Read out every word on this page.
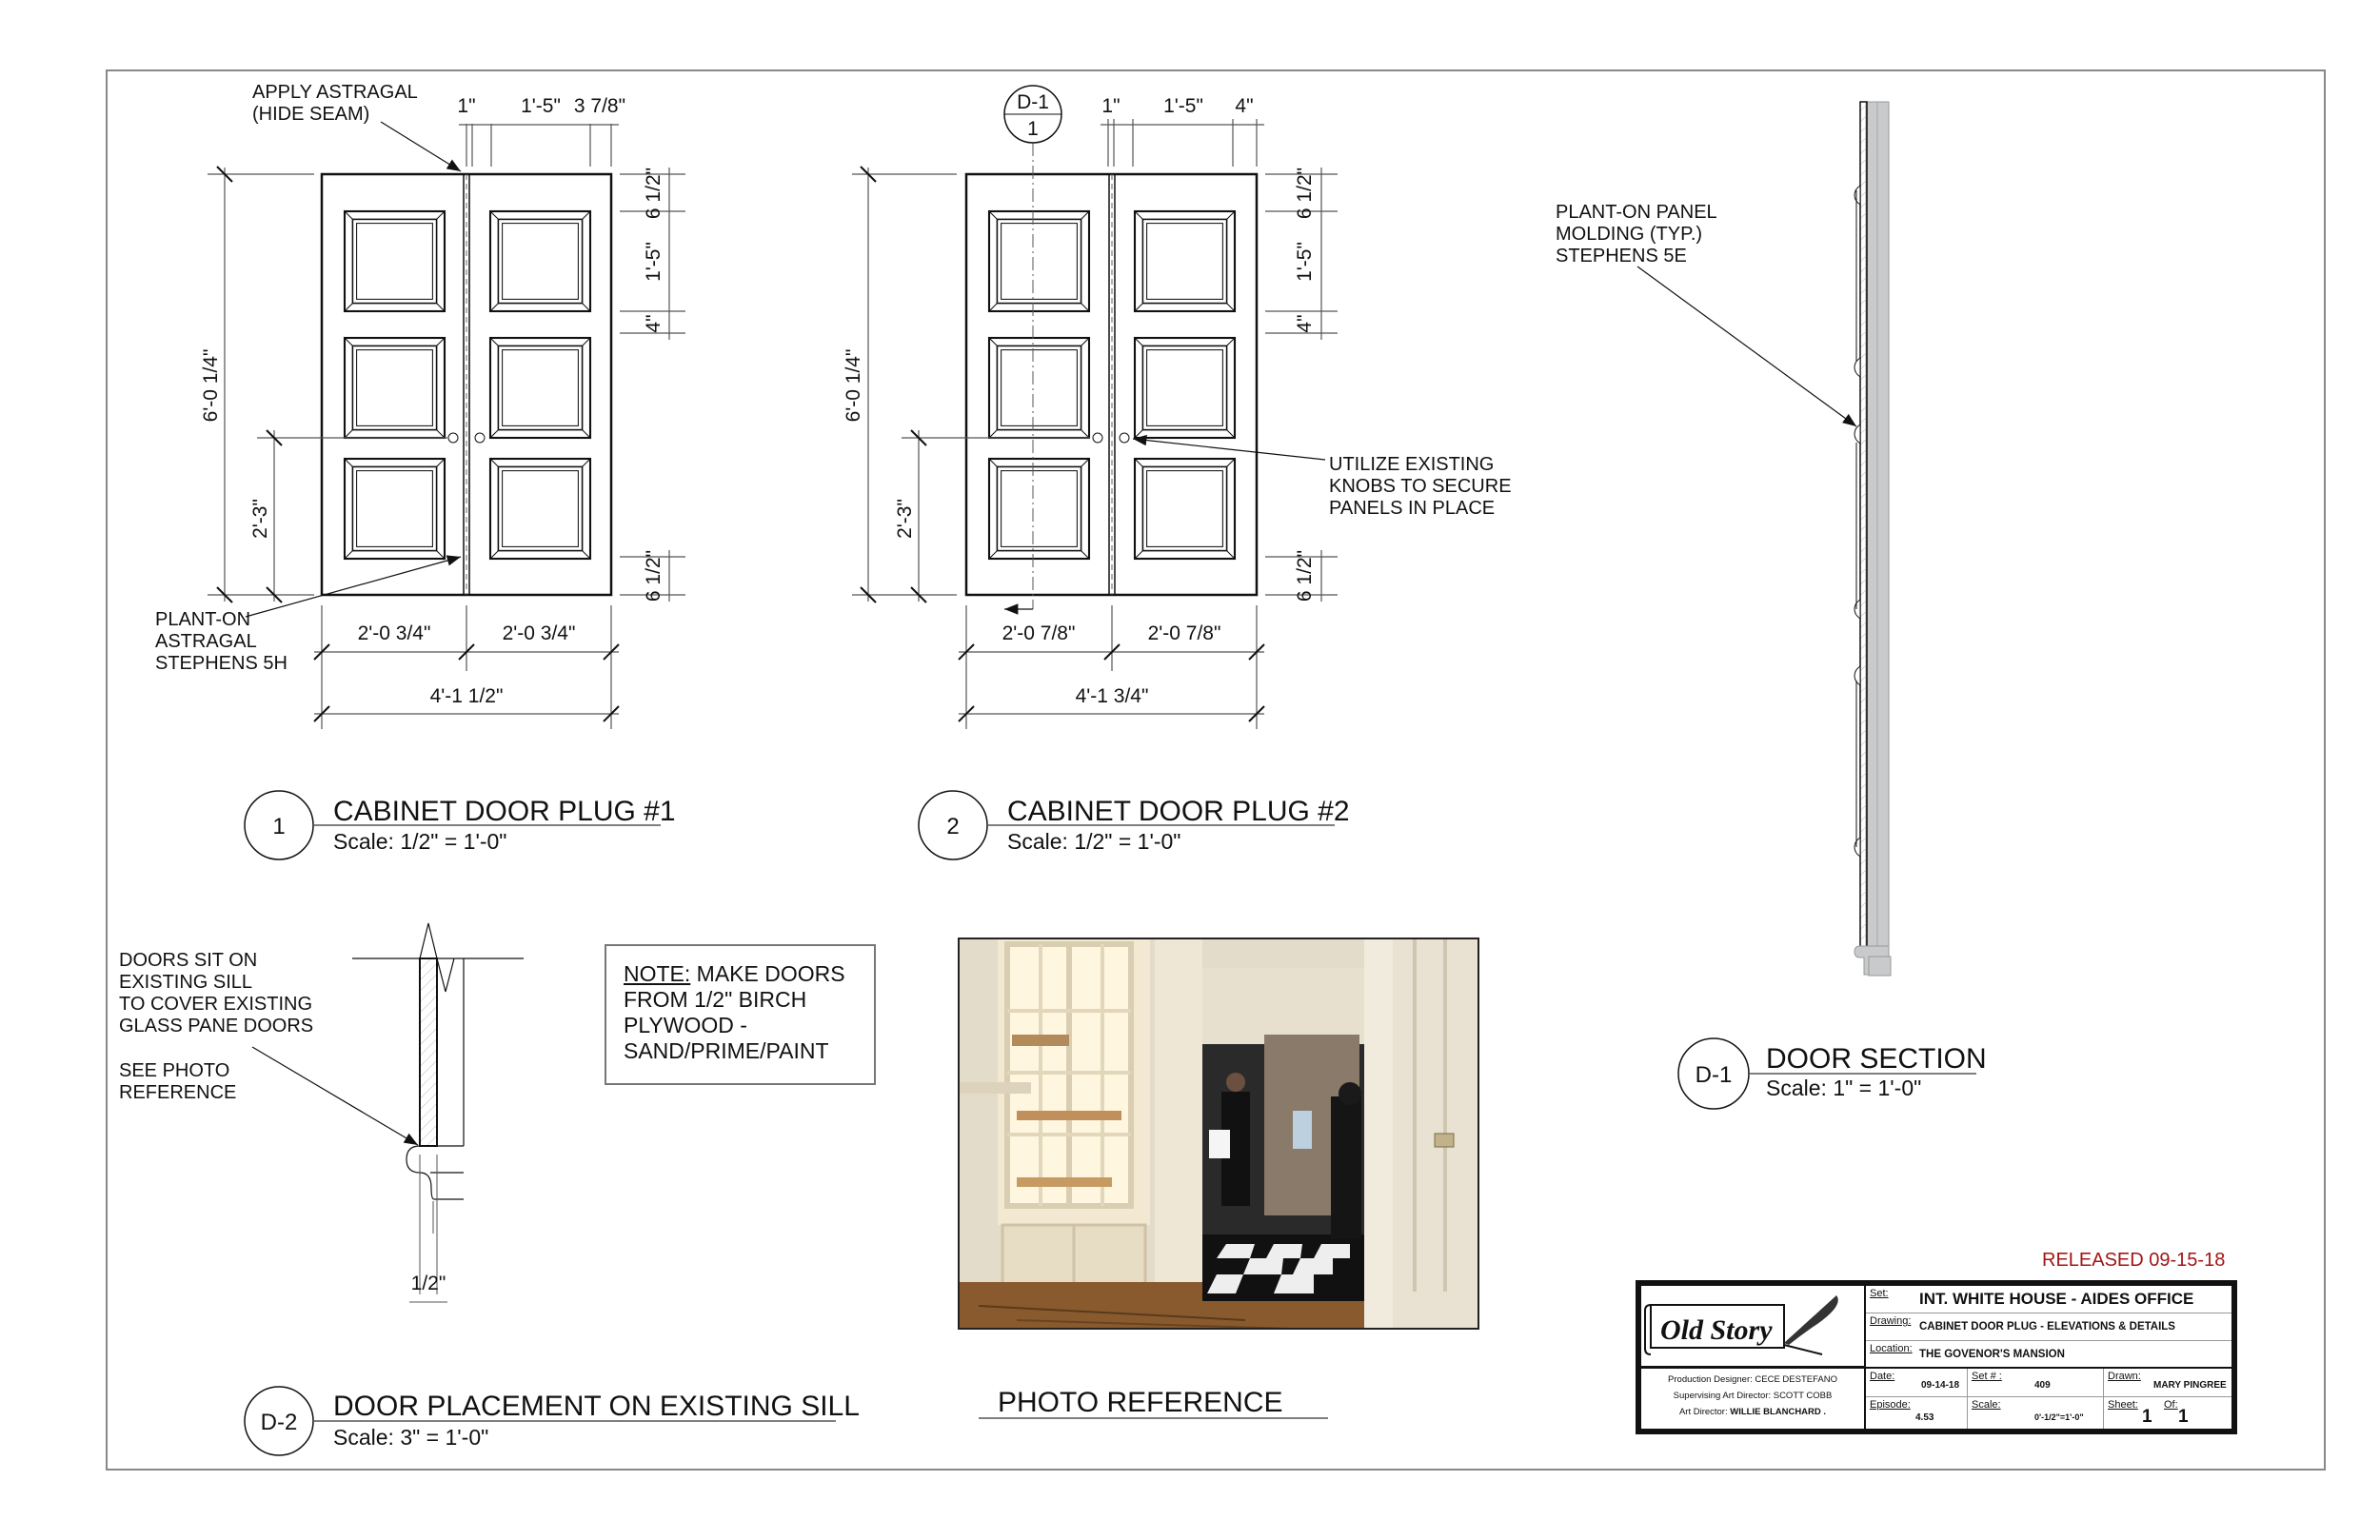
1" 1'-5" 3 7/8"
6'-0 1/4"
2'-3"
6 1/2"
1'-5"
4"
6 1/2"
2'-0 3/4"	2'-0 3/4"
4'-1 1/2"
APPLY ASTRAGAL
(HIDE SEAM)
PLANT-ON
ASTRAGAL
STEPHENS 5H
1 CABINET DOOR PLUG #1
Scale: 1/2" = 1'-0"
D-1
1
1" 1'-5" 4"
6'-0 1/4"
2'-3"
6 1/2"
1'-5"
4"
6 1/2"
2'-0 7/8"	2'-0 7/8"
4'-1 3/4"
UTILIZE EXISTING
KNOBS TO SECURE
PANELS IN PLACE
2 CABINET DOOR PLUG #2
Scale: 1/2" = 1'-0"
PLANT-ON PANEL
MOLDING (TYP.)
STEPHENS 5E
D-1
DOOR SECTION
Scale: 1" = 1'-0"
1/2"
DOORS SIT ON
EXISTING SILL
TO COVER EXISTING
GLASS PANE DOORS
SEE PHOTO
REFERENCE
D-2
DOOR PLACEMENT ON EXISTING SILL
Scale: 3" = 1'-0"
PHOTO REFERENCE
NOTE: MAKE DOORS
FROM 1/2" BIRCH
PLYWOOD -
SAND/PRIME/PAINT
RELEASED 09-15-18
Old Story
Production Designer: CECE DESTEFANO
Supervising Art Director: SCOTT COBB
Art Director: WILLIE BLANCHARD .
Set: INT. WHITE HOUSE - AIDES OFFICE
Drawing: CABINET DOOR PLUG - ELEVATIONS & DETAILS
Location: THE GOVENOR'S MANSION
Date:
09-14-18
Set # :
409
Drawn:
MARY PINGREE
Episode:
4.53
Scale:
0'-1/2"=1'-0"
Sheet:
1
Of:
1
